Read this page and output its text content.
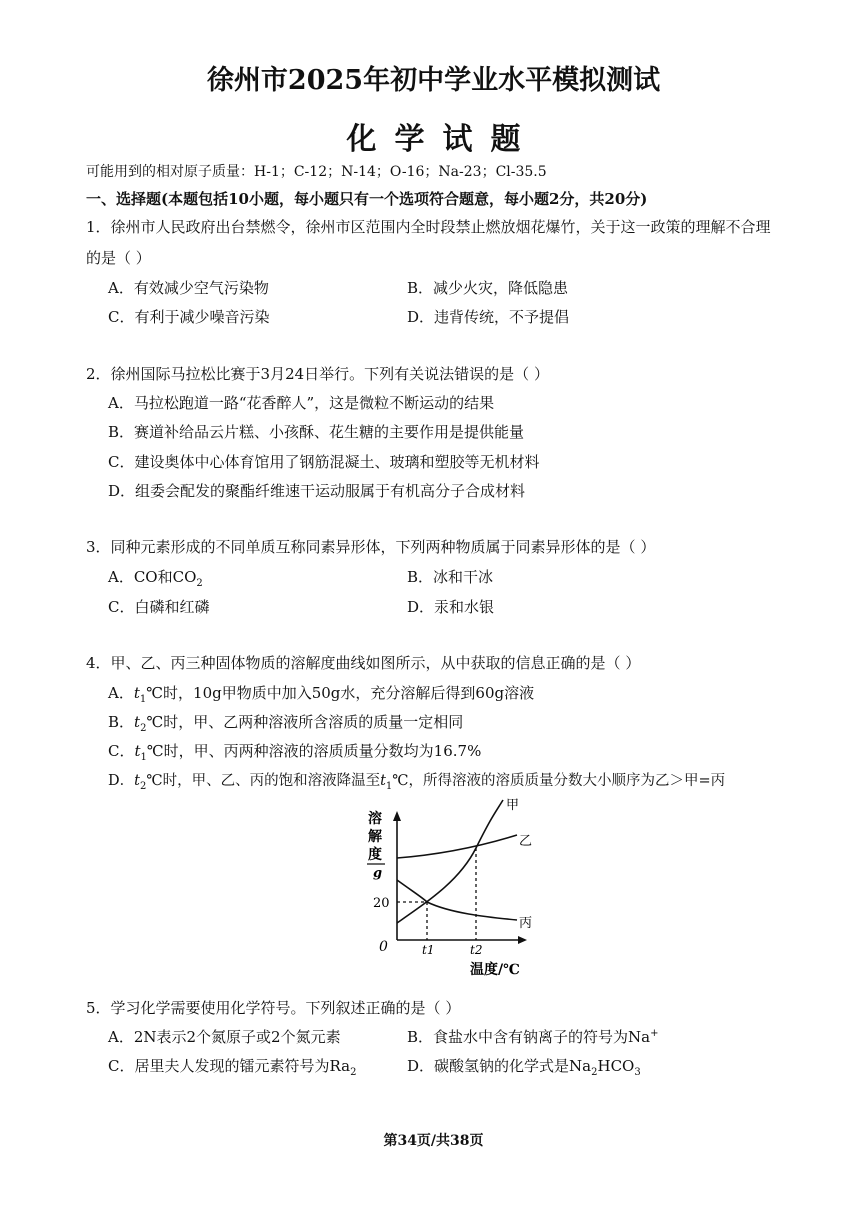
徐州市2025年初中学业水平模拟测试
化学试题
可能用到的相对原子质量：H-1；C-12；N-14；O-16；Na-23；Cl-35.5
一、选择题(本题包括10小题，每小题只有一个选项符合题意，每小题2分，共20分)
1．徐州市人民政府出台禁燃令，徐州市区范围内全时段禁止燃放烟花爆竹，关于这一政策的理解不合理
的是（ ）
A．有效减少空气污染物	B．减少火灾，降低隐患
C．有利于减少噪音污染	D．违背传统，不予提倡
2．徐州国际马拉松比赛于3月24日举行。下列有关说法错误的是（ ）
A．马拉松跑道一路“花香醉人”，这是微粒不断运动的结果
B．赛道补给品云片糕、小孩酥、花生糖的主要作用是提供能量
C．建设奥体中心体育馆用了钢筋混凝土、玻璃和塑胶等无机材料
D．组委会配发的聚酯纤维速干运动服属于有机高分子合成材料
3．同种元素形成的不同单质互称同素异形体，下列两种物质属于同素异形体的是（ ）
A．CO和$CO_2$	B．冰和干冰
C．白磷和红磷	D．汞和水银
4．甲、乙、丙三种固体物质的溶解度曲线如图所示，从中获取的信息正确的是（ ）
A．$t_1℃$时，10g甲物质中加入50g水，充分溶解后得到60g溶液
B．$t_2℃$时，甲、乙两种溶液所含溶质的质量一定相同
C．$t_1℃$时，甲、丙两种溶液的溶质质量分数均为16.7%
D．$t_2℃$时，甲、乙、丙的饱和溶液降温至$t_1℃$，所得溶液的溶质质量分数大小顺序为乙＞甲=丙
甲
乙
丙
溶
解
度
g
20
0	t1	t2
温度/℃
5．学习化学需要使用化学符号。下列叙述正确的是（ ）
A．2N表示2个氮原子或2个氮元素	B．食盐水中含有钠离子的符号为Na+
C．居里夫人发现的镭元素符号为$Ra_2$	D．碳酸氢钠的化学式是$Na_2HCO_3$
第34页/共38页
